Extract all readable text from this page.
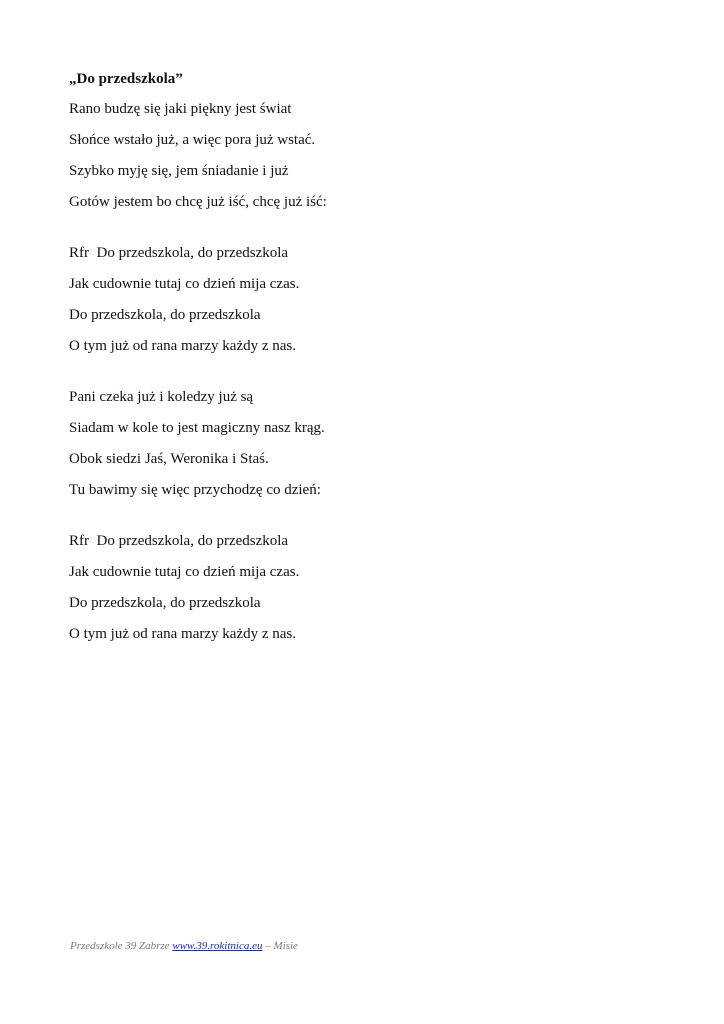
„Do przedszkola”
Rano budzę się jaki piękny jest świat
Słońce wstało już, a więc pora już wstać.
Szybko myję się, jem śniadanie i już
Gotów jestem bo chcę już iść, chcę już iść:
Rfr  Do przedszkola, do przedszkola
Jak cudownie tutaj co dzień mija czas.
Do przedszkola, do przedszkola
O tym już od rana marzy każdy z nas.
Pani czeka już i koledzy już są
Siadam w kole to jest magiczny nasz krąg.
Obok siedzi Jaś, Weronika i Staś.
Tu bawimy się więc przychodzę co dzień:
Rfr  Do przedszkola, do przedszkola
Jak cudownie tutaj co dzień mija czas.
Do przedszkola, do przedszkola
O tym już od rana marzy każdy z nas.
Przedszkole 39 Zabrze www.39.rokitnica.eu – Misie
